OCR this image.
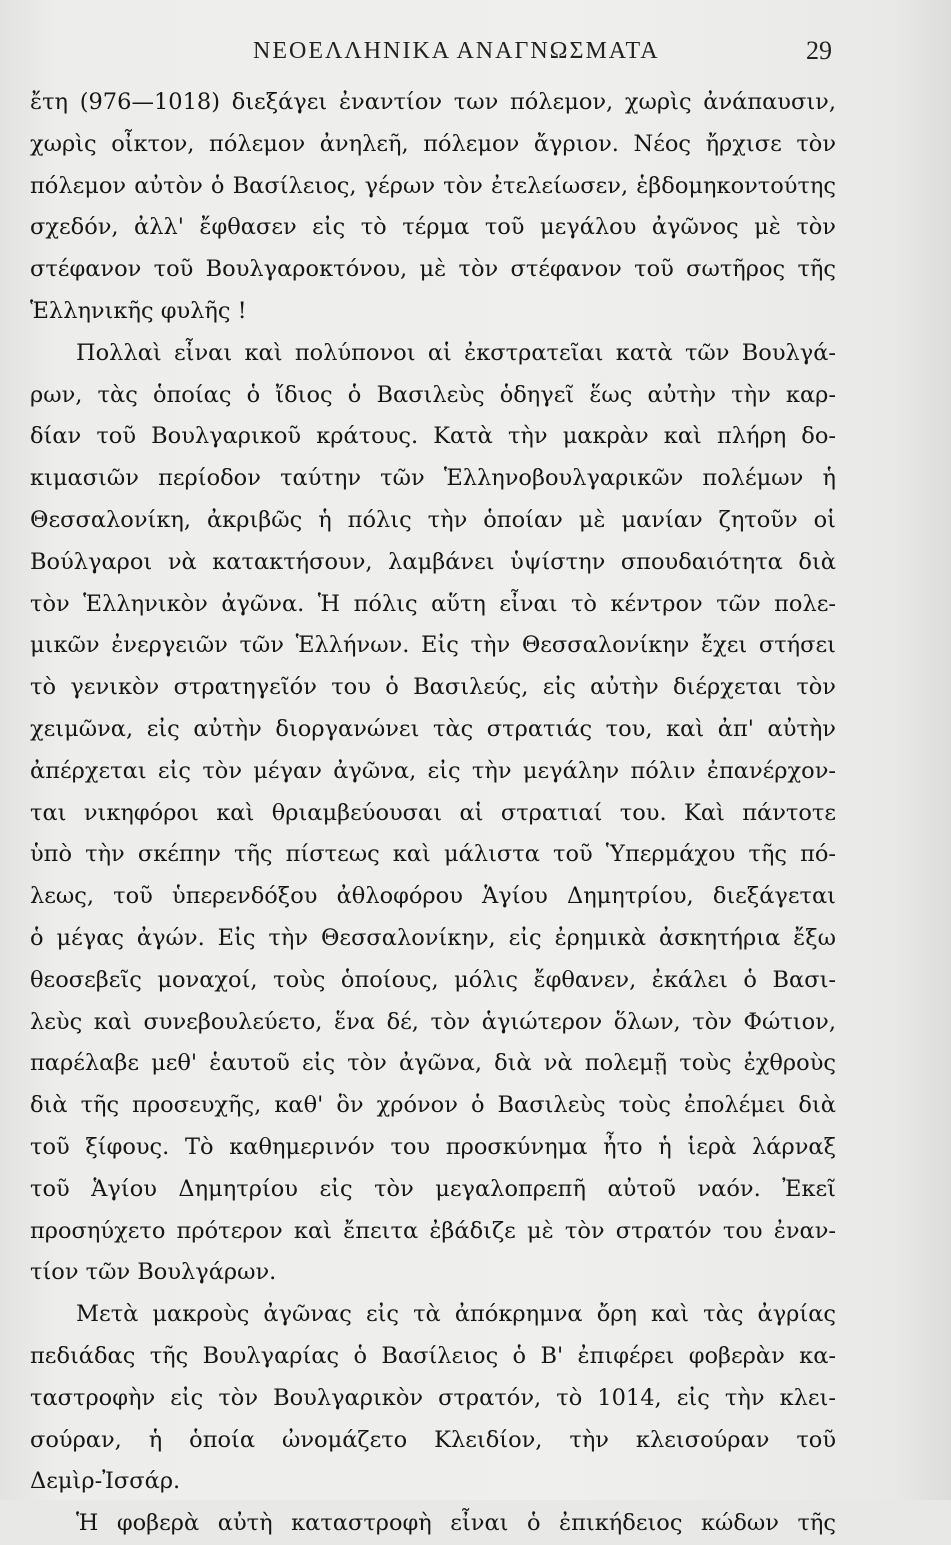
ΝΕΟΕΛΛΗΝΙΚΑ ΑΝΑΓΝΩΣΜΑΤΑ	29
ἔτη (976—1018) διεξάγει ἐναντίον των πόλεμον, χωρὶς ἀνάπαυσιν,
χωρὶς οἶκτον, πόλεμον ἀνηλεῆ, πόλεμον ἄγριον. Νέος ἤρχισε τὸν
πόλεμον αὐτὸν ὁ Βασίλειος, γέρων τὸν ἐτελείωσεν, ἑβδομηκοντούτης
σχεδόν, ἀλλ' ἔφθασεν εἰς τὸ τέρμα τοῦ μεγάλου ἀγῶνος μὲ τὸν
στέφανον τοῦ Βουλγαροκτόνου, μὲ τὸν στέφανον τοῦ σωτῆρος τῆς
Ἑλληνικῆς φυλῆς !
Πολλαὶ εἶναι καὶ πολύπονοι αἱ ἐκστρατεῖαι κατὰ τῶν Βουλγά-
ρων, τὰς ὁποίας ὁ ἴδιος ὁ Βασιλεὺς ὁδηγεῖ ἕως αὐτὴν τὴν καρ-
δίαν τοῦ Βουλγαρικοῦ κράτους. Κατὰ τὴν μακρὰν καὶ πλήρη δο-
κιμασιῶν περίοδον ταύτην τῶν Ἑλληνοβουλγαρικῶν πολέμων ἡ
Θεσσαλονίκη, ἀκριβῶς ἡ πόλις τὴν ὁποίαν μὲ μανίαν ζητοῦν οἱ
Βούλγαροι νὰ κατακτήσουν, λαμβάνει ὑψίστην σπουδαιότητα διὰ
τὸν Ἑλληνικὸν ἀγῶνα. Ἡ πόλις αὕτη εἶναι τὸ κέντρον τῶν πολε-
μικῶν ἐνεργειῶν τῶν Ἑλλήνων. Εἰς τὴν Θεσσαλονίκην ἔχει στήσει
τὸ γενικὸν στρατηγεῖόν του ὁ Βασιλεύς, εἰς αὐτὴν διέρχεται τὸν
χειμῶνα, εἰς αὐτὴν διοργανώνει τὰς στρατιάς του, καὶ ἀπ' αὐτὴν
ἀπέρχεται εἰς τὸν μέγαν ἀγῶνα, εἰς τὴν μεγάλην πόλιν ἐπανέρχον-
ται νικηφόροι καὶ θριαμβεύουσαι αἱ στρατιαί του. Καὶ πάντοτε
ὑπὸ τὴν σκέπην τῆς πίστεως καὶ μάλιστα τοῦ Ὑπερμάχου τῆς πό-
λεως, τοῦ ὑπερενδόξου ἀθλοφόρου Ἁγίου Δημητρίου, διεξάγεται
ὁ μέγας ἀγών. Εἰς τὴν Θεσσαλονίκην, εἰς ἐρημικὰ ἀσκητήρια ἔξω
θεοσεβεῖς μοναχοί, τοὺς ὁποίους, μόλις ἔφθανεν, ἐκάλει ὁ Βασι-
λεὺς καὶ συνεβουλεύετο, ἕνα δέ, τὸν ἁγιώτερον ὅλων, τὸν Φώτιον,
παρέλαβε μεθ' ἑαυτοῦ εἰς τὸν ἀγῶνα, διὰ νὰ πολεμῇ τοὺς ἐχθροὺς
διὰ τῆς προσευχῆς, καθ' ὃν χρόνον ὁ Βασιλεὺς τοὺς ἐπολέμει διὰ
τοῦ ξίφους. Τὸ καθημερινόν του προσκύνημα ἦτο ἡ ἱερὰ λάρναξ
τοῦ Ἁγίου Δημητρίου εἰς τὸν μεγαλοπρεπῆ αὐτοῦ ναόν. Ἐκεῖ
προσηύχετο πρότερον καὶ ἔπειτα ἐβάδιζε μὲ τὸν στρατόν του ἐναν-
τίον τῶν Βουλγάρων.
Μετὰ μακροὺς ἀγῶνας εἰς τὰ ἀπόκρημνα ὄρη καὶ τὰς ἀγρίας
πεδιάδας τῆς Βουλγαρίας ὁ Βασίλειος ὁ Β' ἐπιφέρει φοβερὰν κα-
ταστροφὴν εἰς τὸν Βουλγαρικὸν στρατόν, τὸ 1014, εἰς τὴν κλει-
σούραν, ἡ ὁποία ὠνομάζετο Κλειδίον, τὴν κλεισούραν τοῦ
Δεμὶρ-Ἰσσάρ.
Ἡ φοβερὰ αὐτὴ καταστροφὴ εἶναι ὁ ἐπικήδειος κώδων τῆς
